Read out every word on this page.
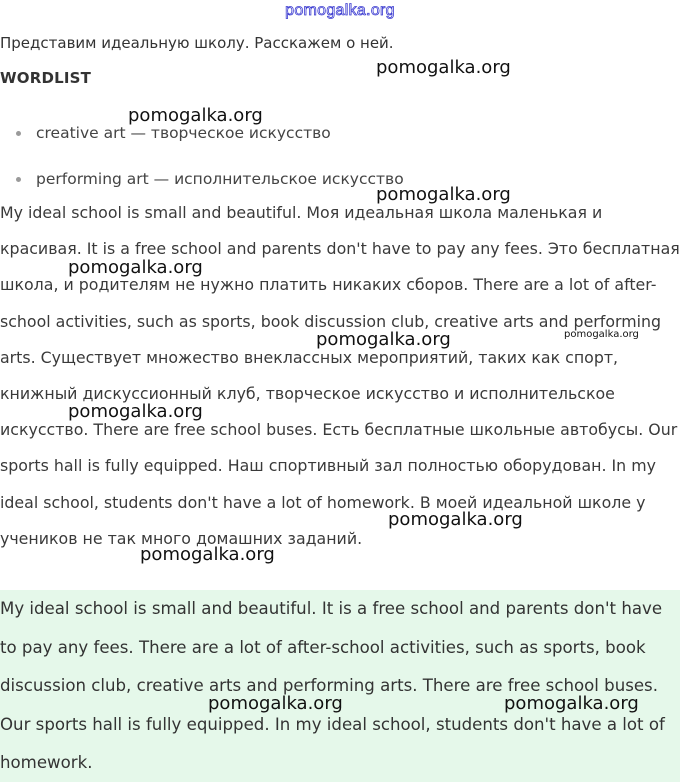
pomogalka.org
Представим идеальную школу. Расскажем о ней.
WORDLIST
creative art — творческое искусство
performing art — исполнительское искусство
My ideal school is small and beautiful. Моя идеальная школа маленькая и красивая. It is a free school and parents don't have to pay any fees. Это бесплатная школа, и родителям не нужно платить никаких сборов. There are a lot of after-school activities, such as sports, book discussion club, creative arts and performing arts. Существует множество внеклассных мероприятий, таких как спорт, книжный дискуссионный клуб, творческое искусство и исполнительское искусство. There are free school buses. Есть бесплатные школьные автобусы. Our sports hall is fully equipped. Наш спортивный зал полностью оборудован. In my ideal school, students don't have a lot of homework. В моей идеальной школе у учеников не так много домашних заданий.
My ideal school is small and beautiful. It is a free school and parents don't have to pay any fees. There are a lot of after-school activities, such as sports, book discussion club, creative arts and performing arts. There are free school buses. Our sports hall is fully equipped. In my ideal school, students don't have a lot of homework.
pomogalka.org
pomogalka.org
pomogalka.org
pomogalka.org
pomogalka.org	pomogalka.org
pomogalka.org
pomogalka.org
pomogalka.org
pomogalka.org	pomogalka.org
